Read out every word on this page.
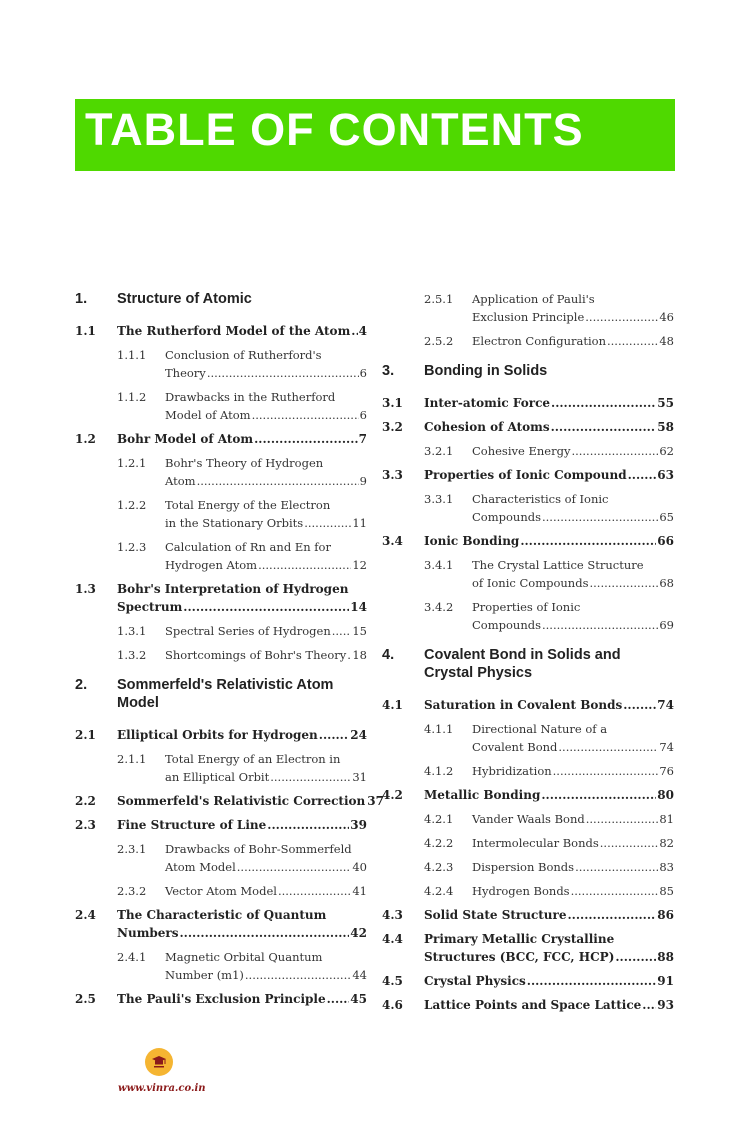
TABLE OF CONTENTS
1. Structure of Atomic
1.1 The Rutherford Model of the Atom ..... 4
1.1.1 Conclusion of Rutherford's
Theory .....	6
1.1.2 Drawbacks in the Rutherford
Model of Atom .....	6
1.2 Bohr Model of Atom .....	7
1.2.1 Bohr's Theory of Hydrogen
Atom .....	9
1.2.2 Total Energy of the Electron
in the Stationary Orbits .....	11
1.2.3 Calculation of Rn and En for
Hydrogen Atom .....	12
1.3 Bohr's Interpretation of Hydrogen
Spectrum .....	14
1.3.1 Spectral Series of Hydrogen ..... 15
1.3.2 Shortcomings of Bohr's Theory ..... 18
2. Sommerfeld's Relativistic Atom
Model
2.1 Elliptical Orbits for Hydrogen .....	24
2.1.1 Total Energy of an Electron in
an Elliptical Orbit .....	31
2.2 Sommerfeld's Relativistic Correction 37
2.3 Fine Structure of Line .....	39
2.3.1 Drawbacks of Bohr-Sommerfeld
Atom Model .....	40
2.3.2 Vector Atom Model .....	41
2.4 The Characteristic of Quantum
Numbers .....	42
2.4.1 Magnetic Orbital Quantum
Number (m1) .....	44
2.5 The Pauli's Exclusion Principle ..... 45
2.5.1 Application of Pauli's
Exclusion Principle .....	46
2.5.2 Electron Configuration .....	48
3. Bonding in Solids
3.1 Inter-atomic Force .....	55
3.2 Cohesion of Atoms .....	58
3.2.1 Cohesive Energy .....	62
3.3 Properties of Ionic Compound .....	63
3.3.1 Characteristics of Ionic
Compounds .....	65
3.4 Ionic Bonding .....	66
3.4.1 The Crystal Lattice Structure
of Ionic Compounds .....	68
3.4.2 Properties of Ionic
Compounds .....	69
4. Covalent Bond in Solids and
Crystal Physics
4.1 Saturation in Covalent Bonds .....	74
4.1.1 Directional Nature of a
Covalent Bond .....	74
4.1.2 Hybridization .....	76
4.2 Metallic Bonding .....	80
4.2.1 Vander Waals Bond .....	81
4.2.2 Intermolecular Bonds .....	82
4.2.3 Dispersion Bonds .....	83
4.2.4 Hydrogen Bonds .....	85
4.3 Solid State Structure .....	86
4.4 Primary Metallic Crystalline
Structures (BCC, FCC, HCP) .....	88
4.5 Crystal Physics .....	91
4.6 Lattice Points and Space Lattice ..... 93
www.vinra.co.in
